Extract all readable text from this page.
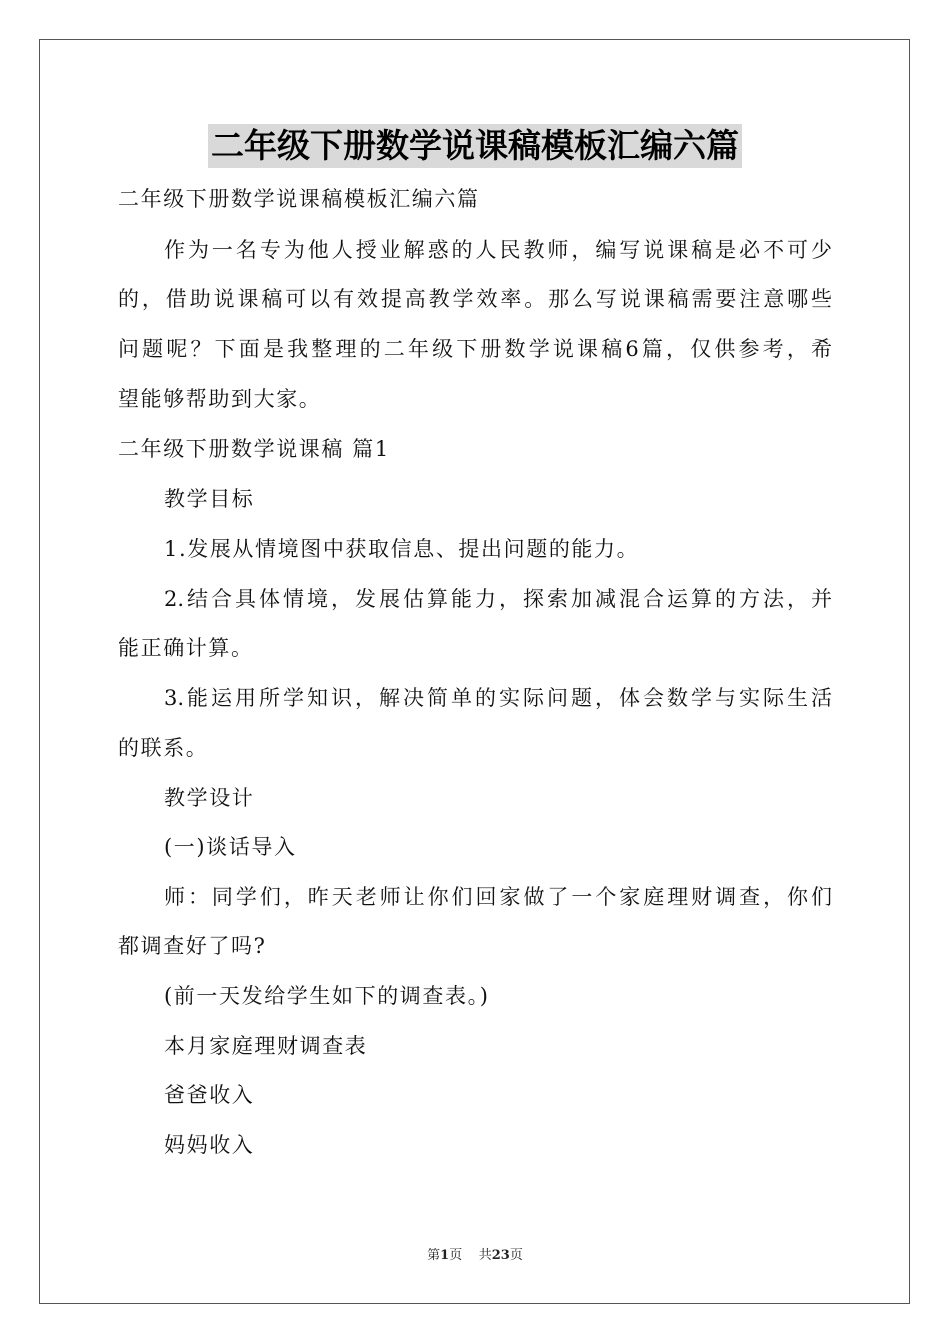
二年级下册数学说课稿模板汇编六篇
二年级下册数学说课稿模板汇编六篇
作为一名专为他人授业解惑的人民教师，编写说课稿是必不可少
的，借助说课稿可以有效提高教学效率。那么写说课稿需要注意哪些
问题呢？下面是我整理的二年级下册数学说课稿6篇，仅供参考，希
望能够帮助到大家。
二年级下册数学说课稿 篇1
教学目标
1.发展从情境图中获取信息、提出问题的能力。
2.结合具体情境，发展估算能力，探索加减混合运算的方法，并
能正确计算。
3.能运用所学知识，解决简单的实际问题，体会数学与实际生活
的联系。
教学设计
(一)谈话导入
师：同学们，昨天老师让你们回家做了一个家庭理财调查，你们
都调查好了吗?
(前一天发给学生如下的调查表。)
本月家庭理财调查表
爸爸收入
妈妈收入
第1页    共23页
